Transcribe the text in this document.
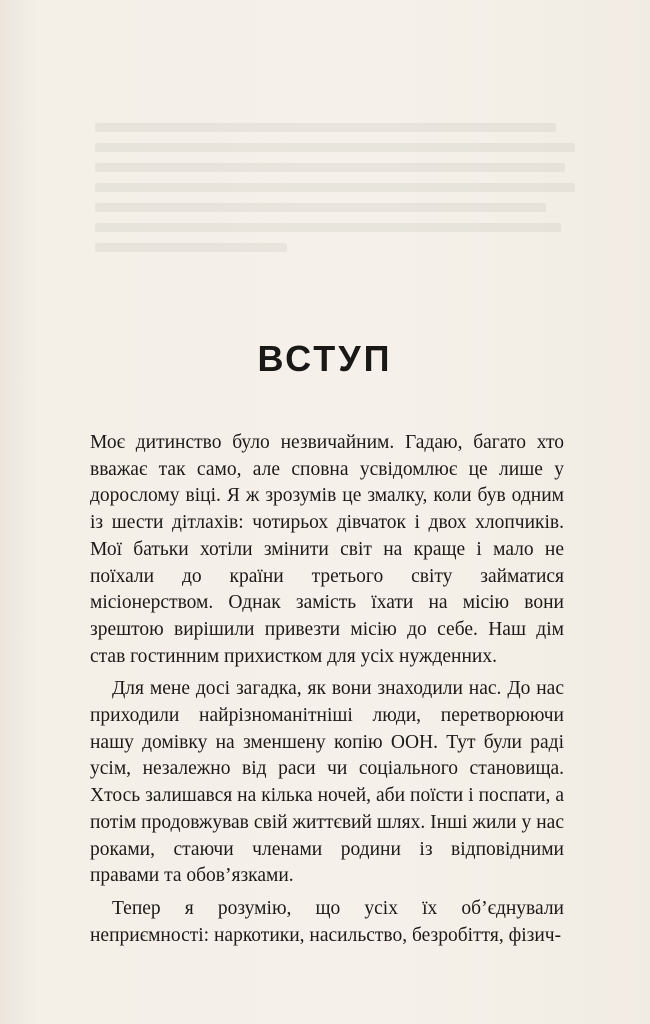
ВСТУП

Моє дитинство було незвичайним. Гадаю, багато хто вважає так само, але сповна усвідомлює це лише у дорослому віці. Я ж зрозумів це змалку, коли був одним із шести дітлахів: чотирьох дівчаток і двох хлопчиків. Мої батьки хотіли змінити світ на краще і мало не поїхали до країни третього світу займатися місіонерством. Однак замість їхати на місію вони зрештою вирішили привезти місію до себе. Наш дім став гостинним прихистком для усіх нужденних.

Для мене досі загадка, як вони знаходили нас. До нас приходили найрізноманітніші люди, перетворюючи нашу домівку на зменшену копію ООН. Тут були раді усім, незалежно від раси чи соціального становища. Хтось залишався на кілька ночей, аби поїсти і поспати, а потім продовжував свій життєвий шлях. Інші жили у нас роками, стаючи членами родини із відповідними правами та обов’язками.

Тепер я розумію, що усіх їх об’єднували неприємності: наркотики, насильство, безробіття, фізич-
